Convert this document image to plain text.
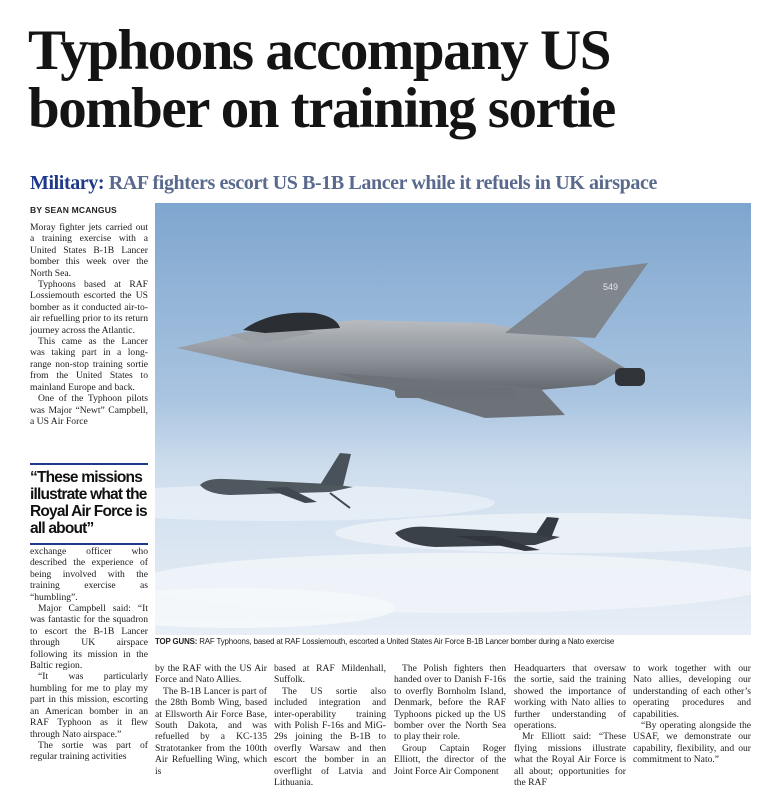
Typhoons accompany US bomber on training sortie
Military: RAF fighters escort US B-1B Lancer while it refuels in UK airspace
BY SEAN MCANGUS

Moray fighter jets carried out a training exercise with a United States B-1B Lancer bomber this week over the North Sea.

Typhoons based at RAF Lossiemouth escorted the US bomber as it conducted air-to-air refuelling prior to its return journey across the Atlantic.

This came as the Lancer was taking part in a long-range non-stop training sortie from the United States to mainland Europe and back.

One of the Typhoon pilots was Major “Newt” Campbell, a US Air Force

“These missions illustrate what the Royal Air Force is all about”

exchange officer who described the experience of being involved with the training exercise as “humbling”.

Major Campbell said: “It was fantastic for the squadron to escort the B-1B Lancer through UK airspace following its mission in the Baltic region.

“It was particularly humbling for me to play my part in this mission, escorting an American bomber in an RAF Typhoon as it flew through Nato airspace.”

The sortie was part of regular training activities

549
TOP GUNS: RAF Typhoons, based at RAF Lossiemouth, escorted a United States Air Force B-1B Lancer bomber during a Nato exercise

by the RAF with the US Air Force and Nato Allies.

The B-1B Lancer is part of the 28th Bomb Wing, based at Ellsworth Air Force Base, South Dakota, and was refuelled by a KC-135 Stratotanker from the 100th Air Refuelling Wing, which is

based at RAF Mildenhall, Suffolk.

The US sortie also included integration and inter-operability training with Polish F-16s and MiG-29s joining the B-1B to overfly Warsaw and then escort the bomber in an overflight of Latvia and Lithuania.

The Polish fighters then handed over to Danish F-16s to overfly Bornholm Island, Denmark, before the RAF Typhoons picked up the US bomber over the North Sea to play their role.

Group Captain Roger Elliott, the director of the Joint Force Air Component

Headquarters that oversaw the sortie, said the training showed the importance of working with Nato allies to further understanding of operations.

Mr Elliott said: “These flying missions illustrate what the Royal Air Force is all about; opportunities for the RAF

to work together with our Nato allies, developing our understanding of each other’s operating procedures and capabilities.

“By operating alongside the USAF, we demonstrate our capability, flexibility, and our commitment to Nato.”
